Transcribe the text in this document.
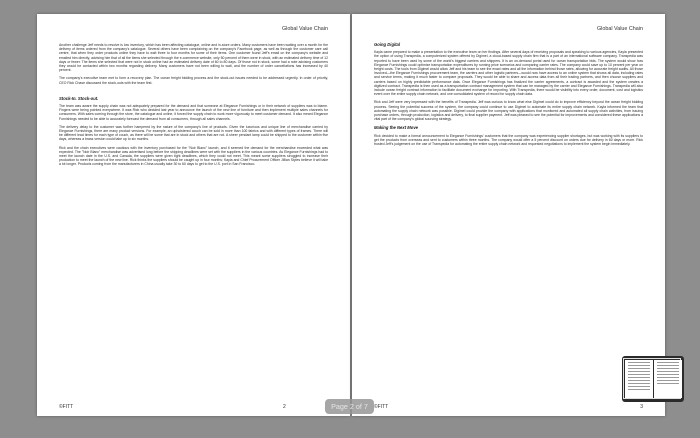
Global Value Chain

Another challenge Jeff needs to resolve is low inventory, which has been affecting catalogue, online and in-store orders. Many customers have been waiting over a month for the delivery of items ordered from the company's catalogue. Several others have been complaining on the company's Facebook page, as well as through the customer care call centre, that when they order products online they have to wait three to four months for some of their items. One customer found Jeff's email on the company's website and emailed him directly, advising him that of all the items she selected through the e-commerce website, only 50 percent of them were in stock, with an estimated delivery time of 12 days or fewer. The items she selected that were not in stock online had an estimated delivery date of 60 to 80 days. Of those not in stock, some had a note advising customers they would be contacted within two months regarding delivery. Many customers have not been willing to wait, and the number of order cancellations has increased by 40 percent.

The company's executive team met to form a recovery plan. The ocean freight bidding process and the stock-out issues needed to be addressed urgently. In order of priority, CEO Rick Chase discussed the stock-outs with the team first.

Stock-In. Stock-out.

The team was aware the supply chain was not adequately prepared for the demand and that someone at Elegance Furnishings or in their network of suppliers was to blame. Fingers were being pointed everywhere. It was Rick who decided last year to announce the launch of the new line of furniture and then implement multiple sales channels for consumers. With sales coming through the store, the catalogue and online, it forced the supply chain to work more vigorously to meet customer demand. It also meant Elegance Furnishings needed to be able to accurately forecast the demand from all consumers, through all sales channels.

The delivery delay to the customer was further hampered by the nature of the company's line of products. Given the luxurious and unique line of merchandise carried by Elegance Furnishings, there are many product versions. For example, an upholstered couch can be sold in more than 100 fabrics and with different types of frames. There will be different lead times for each type of couch, as there will be some that are in stock and others that are not. A sheer pendant lamp could be shipped to the customer within five days, whereas a brass version could take up to six months.

Rick and the chain executives were cautious with the inventory purchased for the "Noir Blanc" launch, and it seemed the demand for the merchandise exceeded what was expected. The "Noir Blanc" merchandise was advertised long before the shipping deadlines were set with the suppliers in the various countries. As Elegance Furnishings had to meet the launch date in the U.S. and Canada, the suppliers were given tight deadlines, which they could not meet. This meant some suppliers struggled to increase their production to meet the launch of the new line. Rick thinks the suppliers should be caught up in four months; Kayla and Chief Procurement Officer Jillian Styles believe it will take a lot longer. Products coming from the manufacturers in China usually take 30 to 60 days to get to the U.S. port in San Francisco.

©FITT	2
Global Value Chain
Going Digital

Kayla came prepared to make a presentation to the executive team on her findings. After several days of receiving proposals and speaking to various agencies, Kayla presented the option of using Transpedia, a computerized system offered by Digimel, a cloud-based supply chain firm that is a part of an international software company. Transpedia was reported to have been used by some of the world's biggest carriers and shippers. It is an on-demand portal used for ocean transportation bids. The system would show how Elegance Furnishings could optimize transportation expenditures by running price scenarios and comparing carrier rates. The company could save up to 10 percent per year on freight costs. The tools from Digimel would allow Jeff and his team to see the exact rates and all the information behind those rates, allowing for accurate freight audits. All those involved—the Elegance Furnishings procurement team, the carriers and other logistic partners—would now have access to an online system that shows all data, including rates and service terms, making it much faster to compare proposals. They would be able to share and access data from all their trading partners, and then choose suppliers and carriers based on highly predictable performance data. Once Elegance Furnishings has finalized the carrier agreements, a contract is awarded and the system creates a digitized contract. Transpedia is then used as a transportation contract management system that can be managed by the carrier and Elegance Furnishings. Transpedia will also include ocean freight contract information to facilitate document exchange for importing. With Transpedia, there would be visibility into every order, document, cost and logistics event over the entire supply chain network, and one consolidated system of record for supply chain data.

Rick and Jeff were very impressed with the benefits of Transpedia. Jeff was curious to know what else Digimel could do to improve efficiency beyond the ocean freight bidding process. Seeing the potential success of the system, the company could continue to use Digimel to automate its entire supply chain network. Kayla informed the team that automating the supply chain network was possible. Digimel could provide the company with applications that monitored and automated all supply chain activities, from issuing purchase orders, through production, logistics and delivery, to final supplier payment. Jeff was pleased to see the potential for improvements and considered these applications a vital part of the company's global sourcing strategy.

Making the Next Move

Rick decided to make a formal announcement to Elegance Furnishings' customers that the company was experiencing supplier shortages, but was working with its suppliers to get the products from overseas and sent to customers within three months. The company would offer a 5 percent discount on orders due for delivery in 60 days or more. Rick trusted Jeff's judgement on the use of Transpedia for automating the entire supply chain network and requested negotiations to implement the system begin immediately.

©FITT	3
Page 2 of 7
